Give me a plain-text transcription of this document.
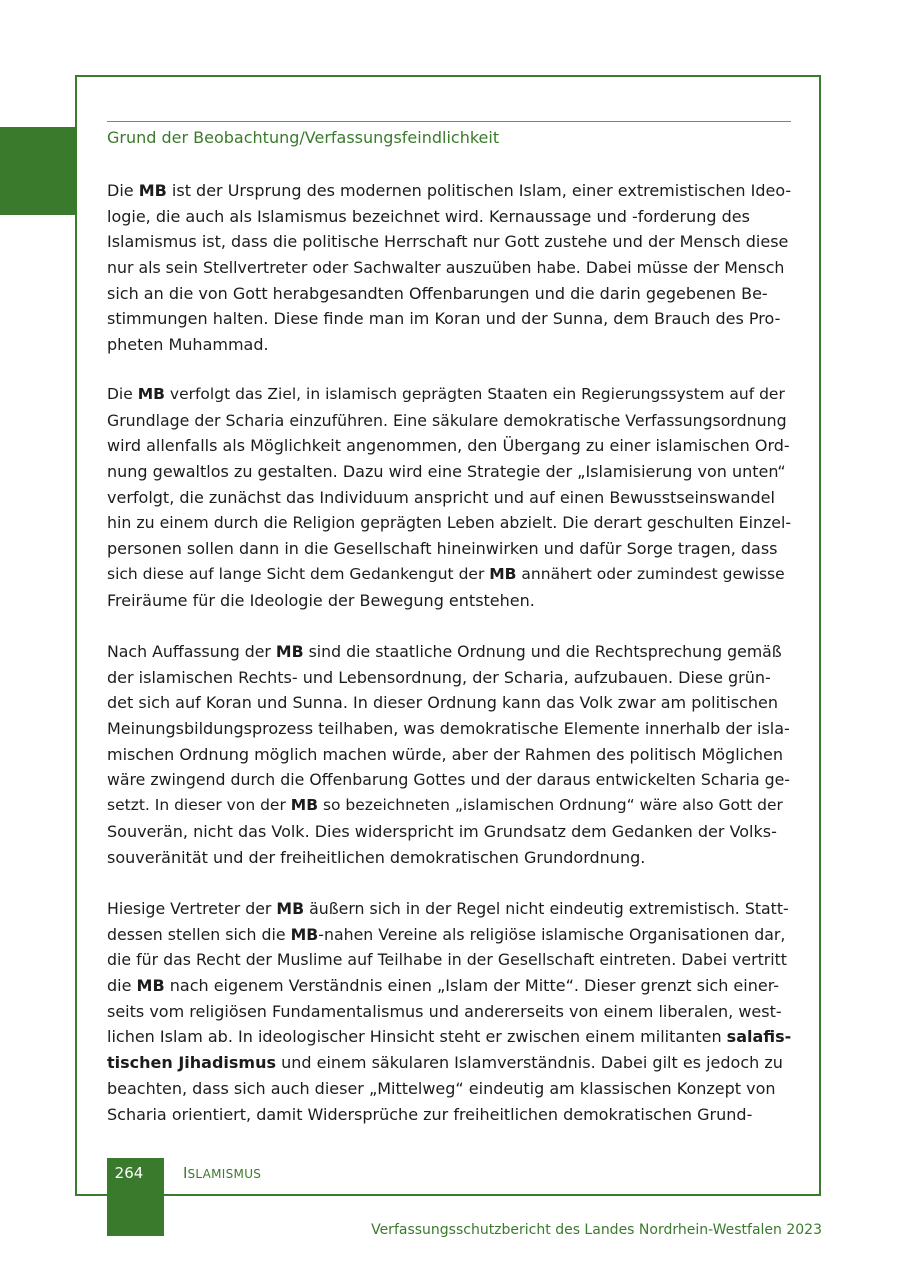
Grund der Beobachtung/Verfassungsfeindlichkeit
Die MB ist der Ursprung des modernen politischen Islam, einer extremistischen Ideo-
logie, die auch als Islamismus bezeichnet wird. Kernaussage und -forderung des
Islamismus ist, dass die politische Herrschaft nur Gott zustehe und der Mensch diese
nur als sein Stellvertreter oder Sachwalter auszuüben habe. Dabei müsse der Mensch
sich an die von Gott herabgesandten Offenbarungen und die darin gegebenen Be-
stimmungen halten. Diese finde man im Koran und der Sunna, dem Brauch des Pro-
pheten Muhammad.
Die MB verfolgt das Ziel, in islamisch geprägten Staaten ein Regierungssystem auf der
Grundlage der Scharia einzuführen. Eine säkulare demokratische Verfassungsordnung
wird allenfalls als Möglichkeit angenommen, den Übergang zu einer islamischen Ord-
nung gewaltlos zu gestalten. Dazu wird eine Strategie der „Islamisierung von unten“
verfolgt, die zunächst das Individuum anspricht und auf einen Bewusstseinswandel
hin zu einem durch die Religion geprägten Leben abzielt. Die derart geschulten Einzel-
personen sollen dann in die Gesellschaft hineinwirken und dafür Sorge tragen, dass
sich diese auf lange Sicht dem Gedankengut der MB annähert oder zumindest gewisse
Freiräume für die Ideologie der Bewegung entstehen.
Nach Auffassung der MB sind die staatliche Ordnung und die Rechtsprechung gemäß
der islamischen Rechts- und Lebensordnung, der Scharia, aufzubauen. Diese grün-
det sich auf Koran und Sunna. In dieser Ordnung kann das Volk zwar am politischen
Meinungsbildungsprozess teilhaben, was demokratische Elemente innerhalb der isla-
mischen Ordnung möglich machen würde, aber der Rahmen des politisch Möglichen
wäre zwingend durch die Offenbarung Gottes und der daraus entwickelten Scharia ge-
setzt. In dieser von der MB so bezeichneten „islamischen Ordnung“ wäre also Gott der
Souverän, nicht das Volk. Dies widerspricht im Grundsatz dem Gedanken der Volks-
souveränität und der freiheitlichen demokratischen Grundordnung.
Hiesige Vertreter der MB äußern sich in der Regel nicht eindeutig extremistisch. Statt-
dessen stellen sich die MB-nahen Vereine als religiöse islamische Organisationen dar,
die für das Recht der Muslime auf Teilhabe in der Gesellschaft eintreten. Dabei vertritt
die MB nach eigenem Verständnis einen „Islam der Mitte“. Dieser grenzt sich einer-
seits vom religiösen Fundamentalismus und andererseits von einem liberalen, west-
lichen Islam ab. In ideologischer Hinsicht steht er zwischen einem militanten salafis-
tischen Jihadismus und einem säkularen Islamverständnis. Dabei gilt es jedoch zu
beachten, dass sich auch dieser „Mittelweg“ eindeutig am klassischen Konzept von
Scharia orientiert, damit Widersprüche zur freiheitlichen demokratischen Grund-
264	ISLAMISMUS
Verfassungsschutzbericht des Landes Nordrhein-Westfalen 2023
